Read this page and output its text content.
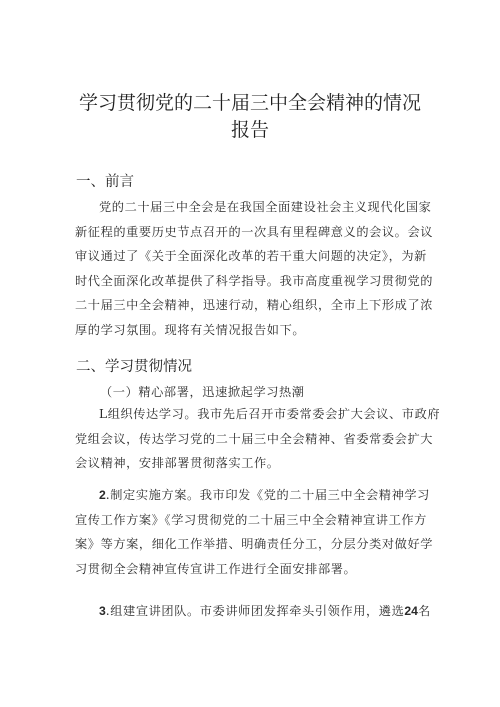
学习贯彻党的二十届三中全会精神的情况
报告
一、前言
党的二十届三中全会是在我国全面建设社会主义现代化国家
新征程的重要历史节点召开的一次具有里程碑意义的会议。会议
审议通过了《关于全面深化改革的若干重大问题的决定》，为新
时代全面深化改革提供了科学指导。我市高度重视学习贯彻党的
二十届三中全会精神，迅速行动，精心组织，全市上下形成了浓
厚的学习氛围。现将有关情况报告如下。
二、学习贯彻情况
（一）精心部署，迅速掀起学习热潮
L组织传达学习。我市先后召开市委常委会扩大会议、市政府
党组会议，传达学习党的二十届三中全会精神、省委常委会扩大
会议精神，安排部署贯彻落实工作。
2.制定实施方案。我市印发《党的二十届三中全会精神学习
宣传工作方案》《学习贯彻党的二十届三中全会精神宣讲工作方
案》等方案，细化工作举措、明确责任分工，分层分类对做好学
习贯彻全会精神宣传宣讲工作进行全面安排部署。
3.组建宣讲团队。市委讲师团发挥牵头引领作用，遴选24名
